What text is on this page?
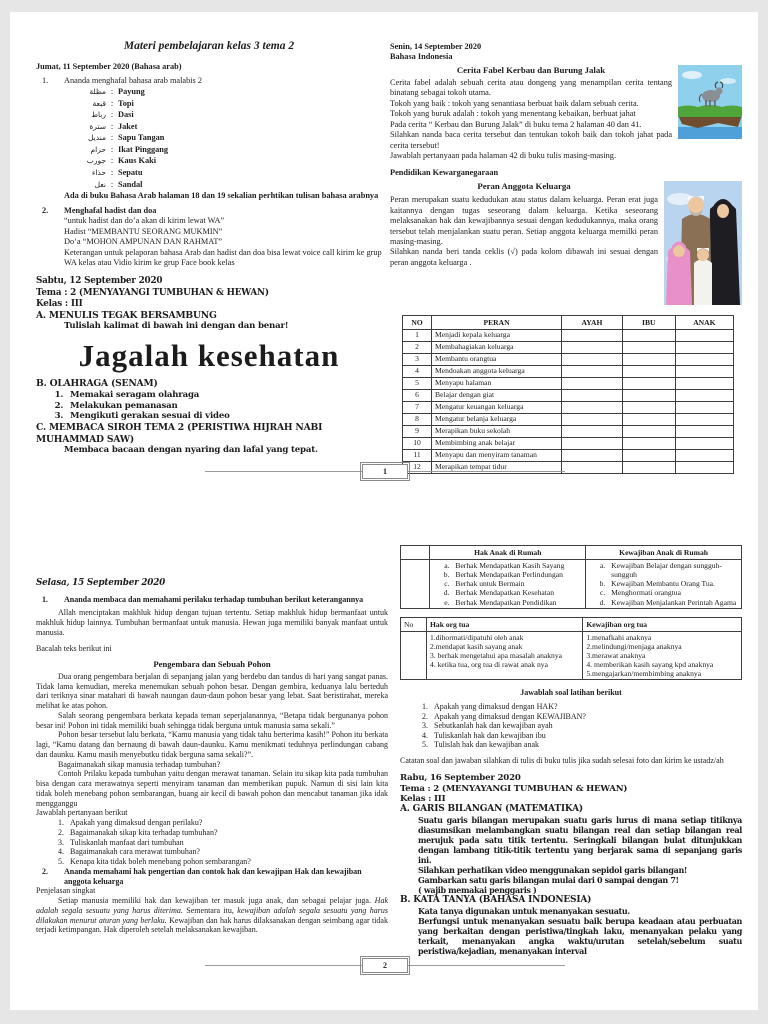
Materi pembelajaran kelas 3 tema 2
Jumat, 11 September 2020 (Bahasa arab)
1.	Ananda menghafal bahasa arab malabis 2
مظلة : Payung
قبعة : Topi
رباط : Dasi
سترة : Jaket
منديل : Sapu Tangan
حزام : Ikat Pinggang
جورب : Kaus Kaki
حذاء : Sepatu
نعل : Sandal
Ada di buku Bahasa Arab halaman 18 dan 19 sekalian perhtikan tulisan bahasa arabnya
2.	Menghafal hadist dan doa
“untuk hadist dan do’a akan di kirim lewat WA”
Hadist “MEMBANTU SEORANG MUKMIN”
Do’a “MOHON AMPUNAN DAN RAHMAT”
Keterangan untuk pelaporan bahasa Arab dan hadist dan doa bisa lewat voice call kirim ke grup WA kelas atau Vidio kirim ke grup Face book kelas
Sabtu, 12 September 2020
Tema : 2 (MENYAYANGI TUMBUHAN & HEWAN)
Kelas : III
A. MENULIS TEGAK BERSAMBUNG
Tulislah kalimat di bawah ini dengan dan benar!
Jagalah kesehatan
B. OLAHRAGA (SENAM)
1. Memakai seragam olahraga
2. Melakukan pemanasan
3. Mengikuti gerakan sesuai di video
C. MEMBACA SIROH TEMA 2 (PERISTIWA HIJRAH NABI MUHAMMAD SAW)
Membaca bacaan dengan nyaring dan lafal yang tepat.
Senin, 14 September 2020
Bahasa Indonesia
Cerita Fabel Kerbau dan Burung Jalak
Cerita fabel adalah sebuah cerita atau dongeng yang menampilan cerita tentang binatang sebagai tokoh utama.
Tokoh yang baik : tokoh yang senantiasa berbuat baik dalam sebuah cerita.
Tokoh yang buruk adalah : tokoh yang menentang kebaikan, berbuat jahat
Pada cerita “ Kerbau dan Burung Jalak” di buku tema 2 halaman 40 dan 41.
Silahkan nanda baca cerita tersebut dan tentukan tokoh baik dan tokoh jahat pada cerita tersebut!
Jawablah pertanyaan pada halaman 42 di buku tulis masing-masing.
Pendidikan Kewarganegaraan
Peran Anggota Keluarga
Peran merupakan suatu kedudukan atau status dalam keluarga. Peran erat juga kaitannya dengan tugas seseorang dalam keluarga. Ketika seseorang melaksanakan hak dan kewajibannya sesuai dengan kedudukannya, maka orang tersebut telah menjalankan suatu peran. Setiap anggota keluarga memilki peran masing-masing.
Silahkan nanda beri tanda ceklis (√) pada kolom dibawah ini sesuai dengan peran anggota keluarga .
NO	PERAN	AYAH	IBU	ANAK
1	Menjadi kepala keluarga			
2	Membahagiakan keluarga			
3	Membantu orangtua			
4	Mendoakan anggota keluarga			
5	Menyapu halaman			
6	Belajar dengan giat			
7	Mengatur keuangan keluarga			
8	Mengatur belanja keluarga			
9	Merapikan buku sekolah			
10	Membimbing anak belajar			
11	Menyapu dan menyiram tanaman			
12	Merapikan tempat tidur			
1
Selasa, 15 September 2020
1.	Ananda membaca dan memahami perilaku terhadap tumbuhan berikut keterangannya

Allah menciptakan makhluk hidup dengan tujuan tertentu. Setiap makhluk hidup bermanfaat untuk makhluk hidup lainnya. Tumbuhan bermanfaat untuk manusia. Hewan juga memiliki banyak manfaat untuk manusia.

Bacalah teks berikut ini
Pengembara dan Sebuah Pohon

Dua orang pengembara berjalan di sepanjang jalan yang berdebu dan tandus di hari yang sangat panas. Tidak lama kemudian, mereka menemukan sebuah pohon besar. Dengan gembira, keduanya lalu berteduh dari teriknya sinar matahari di bawah naungan daun-daun pohon besar yang lebat. Saat beristirahat, mereka melihat ke atas pohon.

Salah seorang pengembara berkata kepada teman seperjalanannya, “Betapa tidak bergunanya pohon besar ini! Pohon ini tidak memiliki buah sehingga tidak berguna untuk manusia sama sekali.”

Pohon besar tersebut lalu berkata, “Kamu manusia yang tidak tahu berterima kasih!” Pohon itu berkata lagi, “Kamu datang dan bernaung di bawah daun-daunku. Kamu menikmati teduhnya perlindungan cabang dan daunku. Kamu masih menyebutku tidak berguna sama sekali?”.

Bagaimanakah sikap manusia terhadap tumbuhan?

Contoh Prilaku kepada tumbuhan yaitu dengan merawat tanaman. Selain itu sikap kita pada tumbuhan bisa dengan cara merawatnya seperti menyiram tanaman dan memberikan pupuk. Namun di sisi lain kita tidak boleh menebang pohon sembarangan, buang air kecil di bawah pohon dan mencabut tanaman jika idak mengganggu

Jawablah pertanyaan berikut
1. Apakah yang dimaksud dengan perilaku?
2. Bagaimanakah sikap kita terhadap tumbuhan?
3. Tuliskanlah manfaat dari tumbuhan
4. Bagaimanakah cara merawat tumbuhan?
5. Kenapa kita tidak boleh menebang pohon sembarangan?
2.	Ananda memahami hak pengertian dan contok hak dan kewajipan Hak dan kewajiban anggota keluarga
Penjelasan singkat
Setiap manusia memiliki hak dan kewajiban ter masuk juga anak, dan sebagai pelajar juga. Hak adalah segala sesuatu yang harus diterima. Sementara itu, kewajiban adalah segala sesuatu yang harus dilakukan menurut aturan yang berlaku. Kewajiban dan hak harus dilaksanakan dengan seimbang agar tidak terjadi ketimpangan. Hak diperoleh setelah melaksanakan kewajiban.
	Hak Anak di Rumah	Kewajiban Anak di Rumah

a. Berhak Mendapatkan Kasih Sayang
b. Berhak Mendapatkan Perlindungan
c. Berhak untuk Bermain
d. Berhak Mendapatkan Kesehatan
e. Berhak Mendapatkan Pendidikan

a. Kewajiban Belajar dengan sungguh-sungguh
b. Kewajiban Membantu Orang Tua.
c. Menghormati orangtua
d. Kewajiban Menjalankan Perintah Agama
No	Hak org tua	Kewajiban org tua

1.dihormati/dipatuhi oleh anak
2.mendapat kasih sayang anak
3. berhak mengetahui apa masalah anaknya
4. ketika tua, org tua di rawat anak nya

1.menafkahi anaknya
2.melindungi/menjaga anaknya
3.merawat anaknya
4. memberikan kasih sayang kpd anaknya
5.mengajarkan/membimbing anaknya
Jawablah soal latihan berikut
1. Apakah yang dimaksud dengan HAK?
2. Apakah yang dimaksud dengan KEWAJIBAN?
3. Sebutkanlah hak dan kewajiban ayah
4. Tuliskanlah hak dan kewajiban ibu
5. Tulislah hak dan kewajiban anak
Catatan soal dan jawaban silahkan di tulis di buku tulis jika sudah selesai foto dan kirim ke ustadz/ah
Rabu, 16 September 2020
Tema : 2 (MENYAYANGI TUMBUHAN & HEWAN)
Kelas : III
A. GARIS BILANGAN (MATEMATIKA)
Suatu garis bilangan merupakan suatu garis lurus di mana setiap titiknya diasumsikan melambangkan suatu bilangan real dan setiap bilangan real merujuk pada satu titik tertentu. Seringkali bilangan bulat ditunjukkan dengan lambang titik-titik tertentu yang berjarak sama di sepanjang garis ini.
Silahkan perhatikan video menggunakan sepidol garis bilangan!
Gambarkan satu garis bilangan mulai dari 0 sampai dengan 7!
( wajib memakai penggaris )
B. KATA TANYA (BAHASA INDONESIA)
Kata tanya digunakan untuk menanyakan sesuatu.
Berfungsi untuk menanyakan sesuatu baik berupa keadaan atau perbuatan yang berkaitan dengan peristiwa/tingkah laku, menanyakan pelaku yang terkait, menanyakan angka waktu/urutan setelah/sebelum suatu peristiwa/kejadian, menanyakan interval
2
